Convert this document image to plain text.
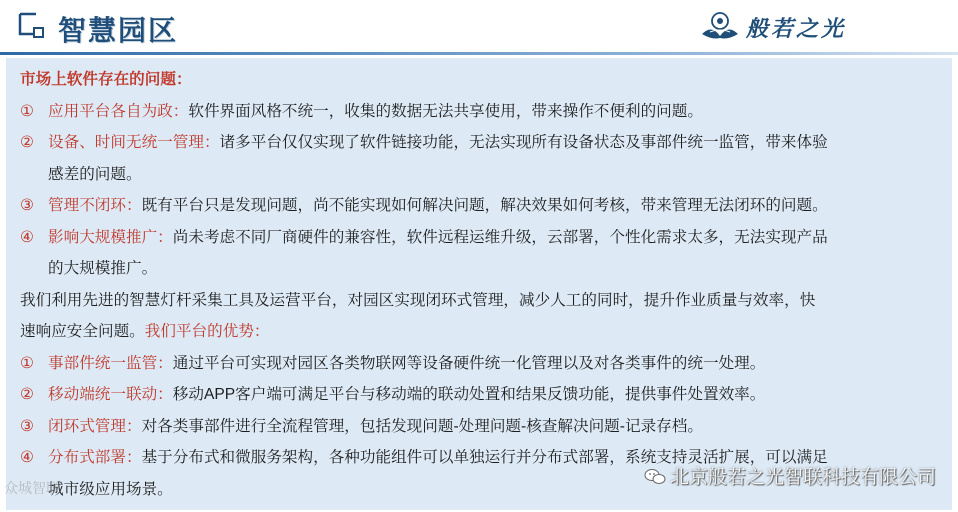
智慧园区	般若之光
市场上软件存在的问题：
① 应用平台各自为政：软件界面风格不统一，收集的数据无法共享使用，带来操作不便利的问题。
② 设备、时间无统一管理：诸多平台仅仅实现了软件链接功能，无法实现所有设备状态及事部件统一监管，带来体验
感差的问题。
③ 管理不闭环：既有平台只是发现问题，尚不能实现如何解决问题，解决效果如何考核，带来管理无法闭环的问题。
④ 影响大规模推广：尚未考虑不同厂商硬件的兼容性，软件远程运维升级，云部署，个性化需求太多，无法实现产品
的大规模推广。
我们利用先进的智慧灯杆采集工具及运营平台，对园区实现闭环式管理，减少人工的同时，提升作业质量与效率，快
速响应安全问题。我们平台的优势：
① 事部件统一监管：通过平台可实现对园区各类物联网等设备硬件统一化管理以及对各类事件的统一处理。
② 移动端统一联动：移动APP客户端可满足平台与移动端的联动处置和结果反馈功能，提供事件处置效率。
③ 闭环式管理：对各类事部件进行全流程管理，包括发现问题-处理问题-核查解决问题-记录存档。
④ 分布式部署：基于分布式和微服务架构，各种功能组件可以单独运行并分布式部署，系统支持灵活扩展，可以满足
城市级应用场景。
众城智联	北京般若之光智联科技有限公司
